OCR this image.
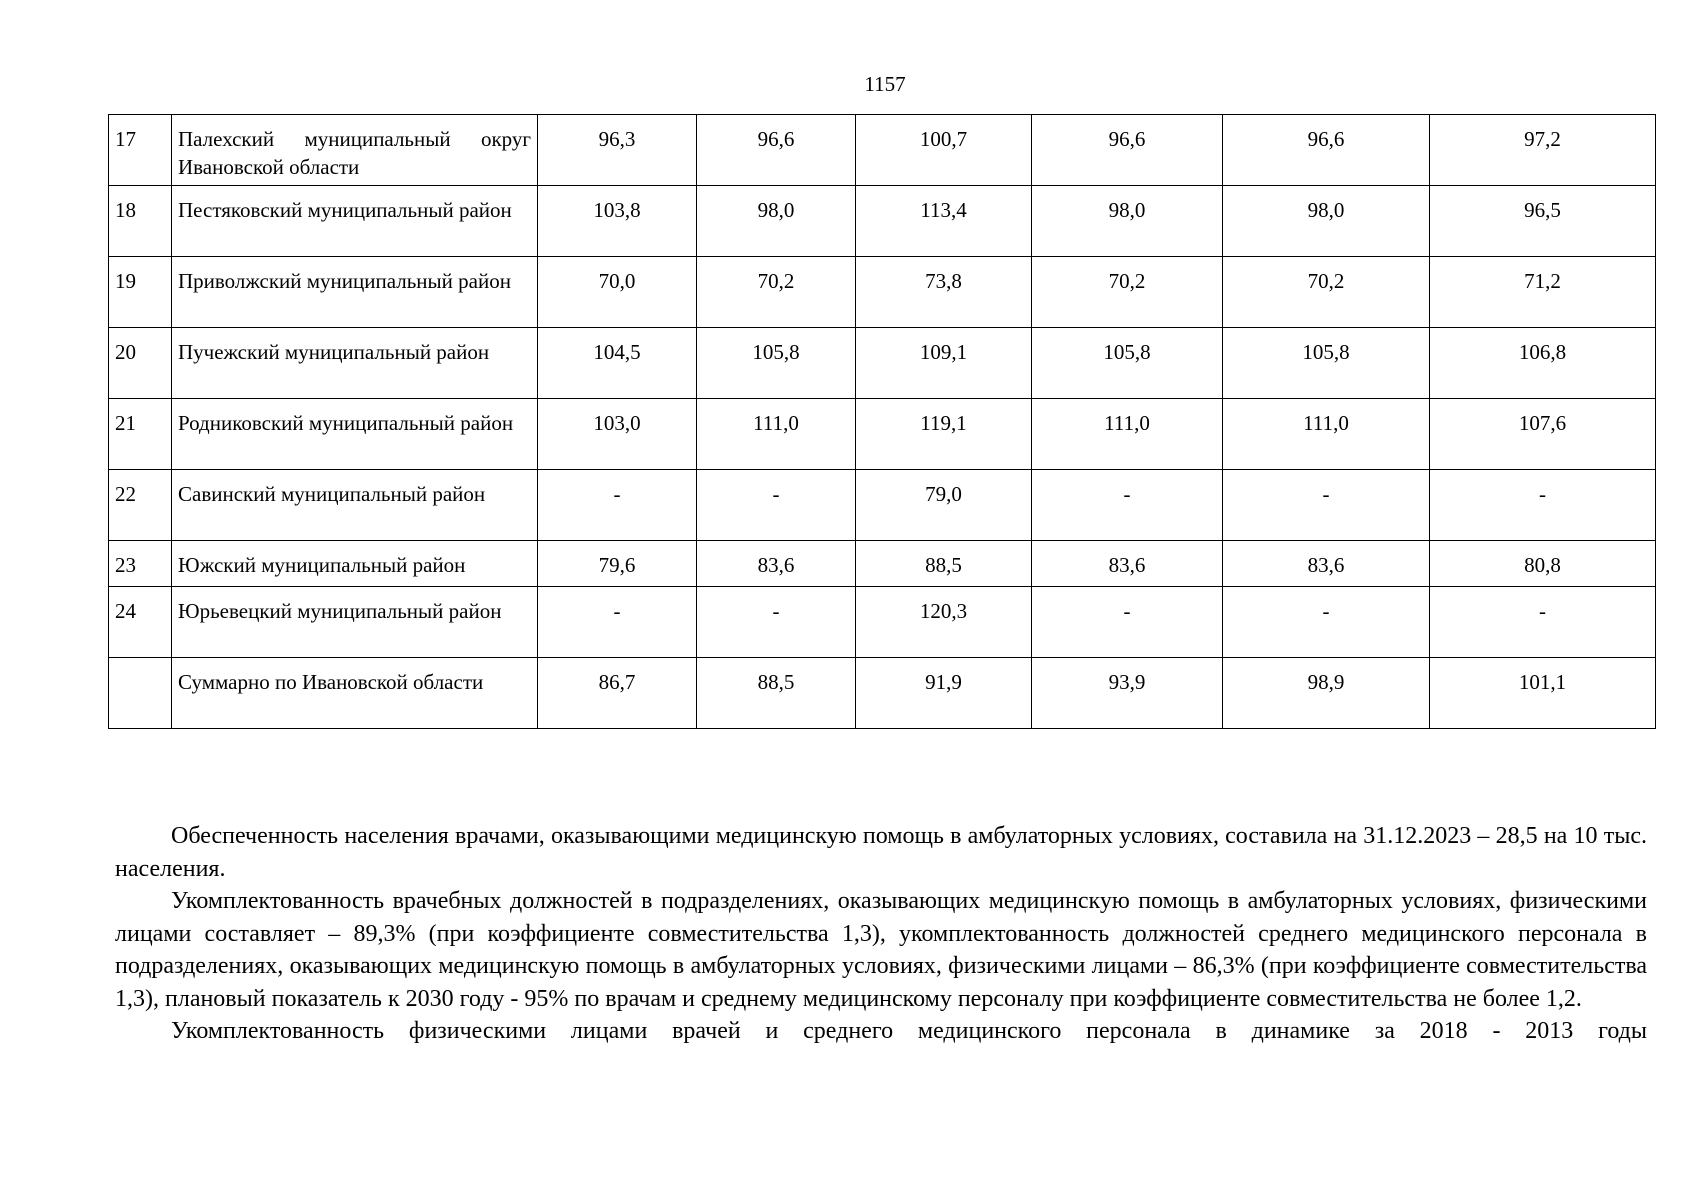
1157
17	Палехский муниципальный округ Ивановской области	96,3	96,6	100,7	96,6	96,6	97,2
18	Пестяковский муниципальный район	103,8	98,0	113,4	98,0	98,0	96,5
19	Приволжский муниципальный район	70,0	70,2	73,8	70,2	70,2	71,2
20	Пучежский муниципальный район	104,5	105,8	109,1	105,8	105,8	106,8
21	Родниковский муниципальный район	103,0	111,0	119,1	111,0	111,0	107,6
22	Савинский муниципальный район	-	-	79,0	-	-	-
23	Южский муниципальный район	79,6	83,6	88,5	83,6	83,6	80,8
24	Юрьевецкий муниципальный район	-	-	120,3	-	-	-
	Суммарно по Ивановской области	86,7	88,5	91,9	93,9	98,9	101,1

Обеспеченность населения врачами, оказывающими медицинскую помощь в амбулаторных условиях, составила на 31.12.2023 – 28,5 на 10 тыс. населения.

Укомплектованность врачебных должностей в подразделениях, оказывающих медицинскую помощь в амбулаторных условиях, физическими лицами составляет – 89,3% (при коэффициенте совместительства 1,3), укомплектованность должностей среднего медицинского персонала в подразделениях, оказывающих медицинскую помощь в амбулаторных условиях, физическими лицами – 86,3% (при коэффициенте совместительства 1,3), плановый показатель к 2030 году - 95% по врачам и среднему медицинскому персоналу при коэффициенте совместительства не более 1,2.

Укомплектованность физическими лицами врачей и среднего медицинского персонала в динамике за 2018 - 2013 годы
